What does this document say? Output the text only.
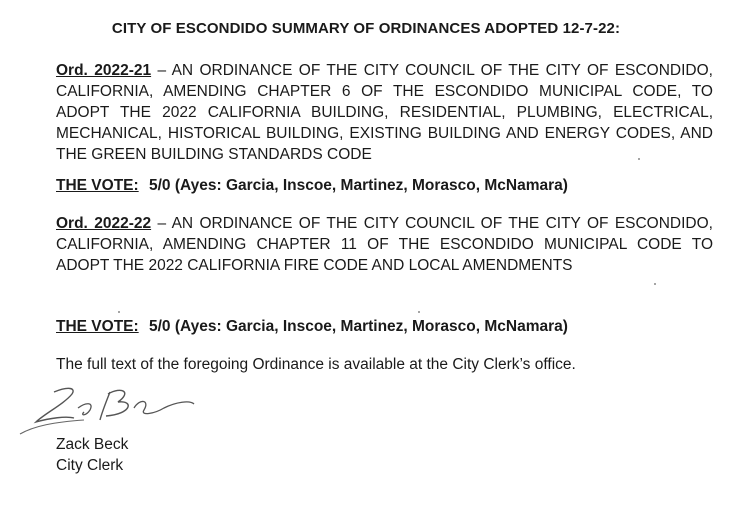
CITY OF ESCONDIDO SUMMARY OF ORDINANCES ADOPTED 12-7-22:
Ord. 2022-21 – AN ORDINANCE OF THE CITY COUNCIL OF THE CITY OF ESCONDIDO, CALIFORNIA, AMENDING CHAPTER 6 OF THE ESCONDIDO MUNICIPAL CODE, TO ADOPT THE 2022 CALIFORNIA BUILDING, RESIDENTIAL, PLUMBING, ELECTRICAL, MECHANICAL, HISTORICAL BUILDING, EXISTING BUILDING AND ENERGY CODES, AND THE GREEN BUILDING STANDARDS CODE
THE VOTE: 5/0 (Ayes: Garcia, Inscoe, Martinez, Morasco, McNamara)
Ord. 2022-22 – AN ORDINANCE OF THE CITY COUNCIL OF THE CITY OF ESCONDIDO, CALIFORNIA, AMENDING CHAPTER 11 OF THE ESCONDIDO MUNICIPAL CODE TO ADOPT THE 2022 CALIFORNIA FIRE CODE AND LOCAL AMENDMENTS
THE VOTE: 5/0 (Ayes: Garcia, Inscoe, Martinez, Morasco, McNamara)
The full text of the foregoing Ordinance is available at the City Clerk’s office.
Zack Beck
City Clerk
